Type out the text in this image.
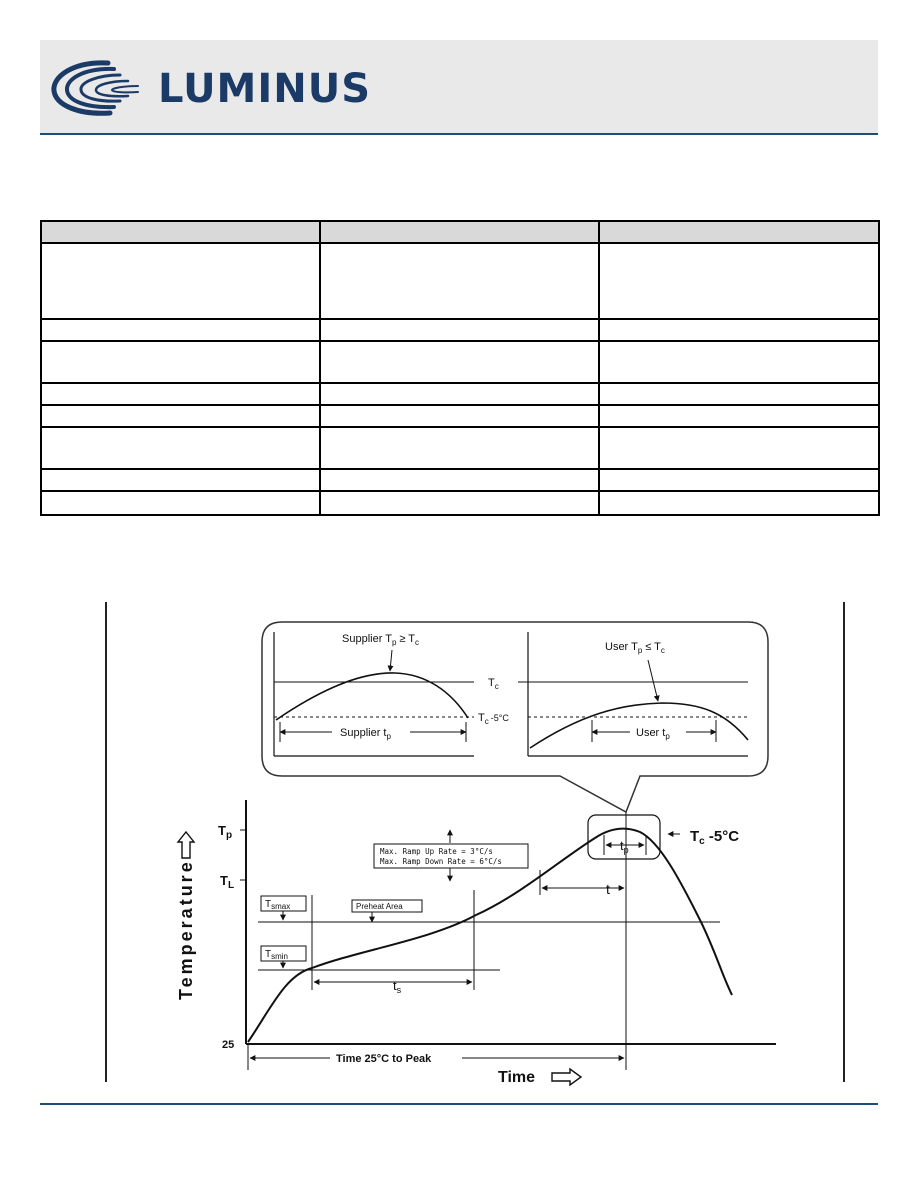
LUMINUS

Supplier $T_p \ge T_c$
Supplier $t_p$
$T_c$
$T_c$ $^{-5^\circ C}$
User $T_p \le T_c$
User $t_p$
$T_{smax}$
$T_{smin}$
Preheat Area
Max. Ramp Up Rate = 3°C/s
Max. Ramp Down Rate = 6°C/s
$T_p$
$T_L$
25
Temperature
Time
$t_s$
t
$t_p$
$T_c$ -5°C
Time 25°C to Peak
